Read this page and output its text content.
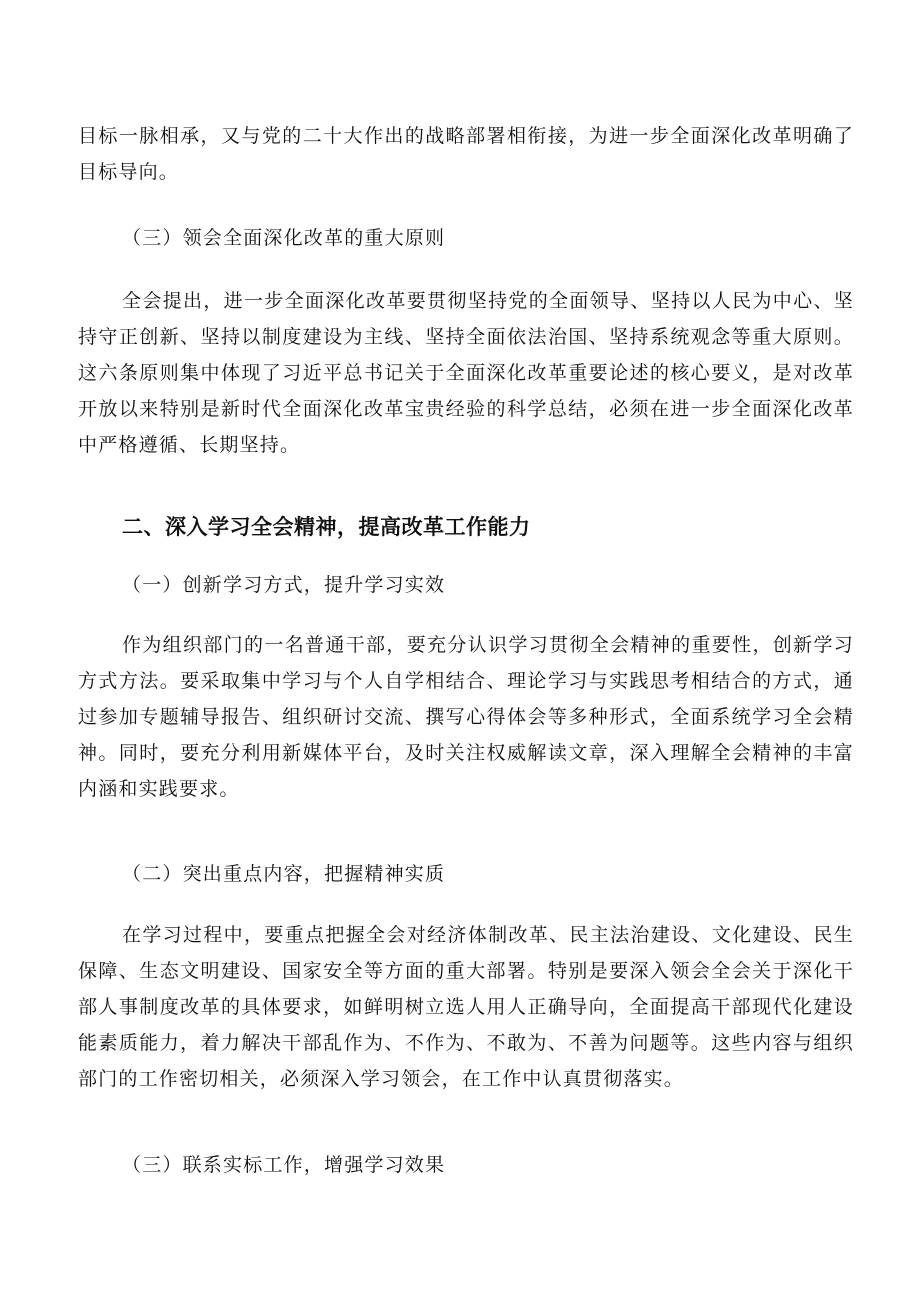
目标一脉相承，又与党的二十大作出的战略部署相衔接，为进一步全面深化改革明确了目标导向。

（三）领会全面深化改革的重大原则

全会提出，进一步全面深化改革要贯彻坚持党的全面领导、坚持以人民为中心、坚持守正创新、坚持以制度建设为主线、坚持全面依法治国、坚持系统观念等重大原则。这六条原则集中体现了习近平总书记关于全面深化改革重要论述的核心要义，是对改革开放以来特别是新时代全面深化改革宝贵经验的科学总结，必须在进一步全面深化改革中严格遵循、长期坚持。

二、深入学习全会精神，提高改革工作能力

（一）创新学习方式，提升学习实效

作为组织部门的一名普通干部，要充分认识学习贯彻全会精神的重要性，创新学习方式方法。要采取集中学习与个人自学相结合、理论学习与实践思考相结合的方式，通过参加专题辅导报告、组织研讨交流、撰写心得体会等多种形式，全面系统学习全会精神。同时，要充分利用新媒体平台，及时关注权威解读文章，深入理解全会精神的丰富内涵和实践要求。

（二）突出重点内容，把握精神实质

在学习过程中，要重点把握全会对经济体制改革、民主法治建设、文化建设、民生保障、生态文明建设、国家安全等方面的重大部署。特别是要深入领会全会关于深化干部人事制度改革的具体要求，如鲜明树立选人用人正确导向，全面提高干部现代化建设能素质能力，着力解决干部乱作为、不作为、不敢为、不善为问题等。这些内容与组织部门的工作密切相关，必须深入学习领会，在工作中认真贯彻落实。

（三）联系实标工作，增强学习效果
